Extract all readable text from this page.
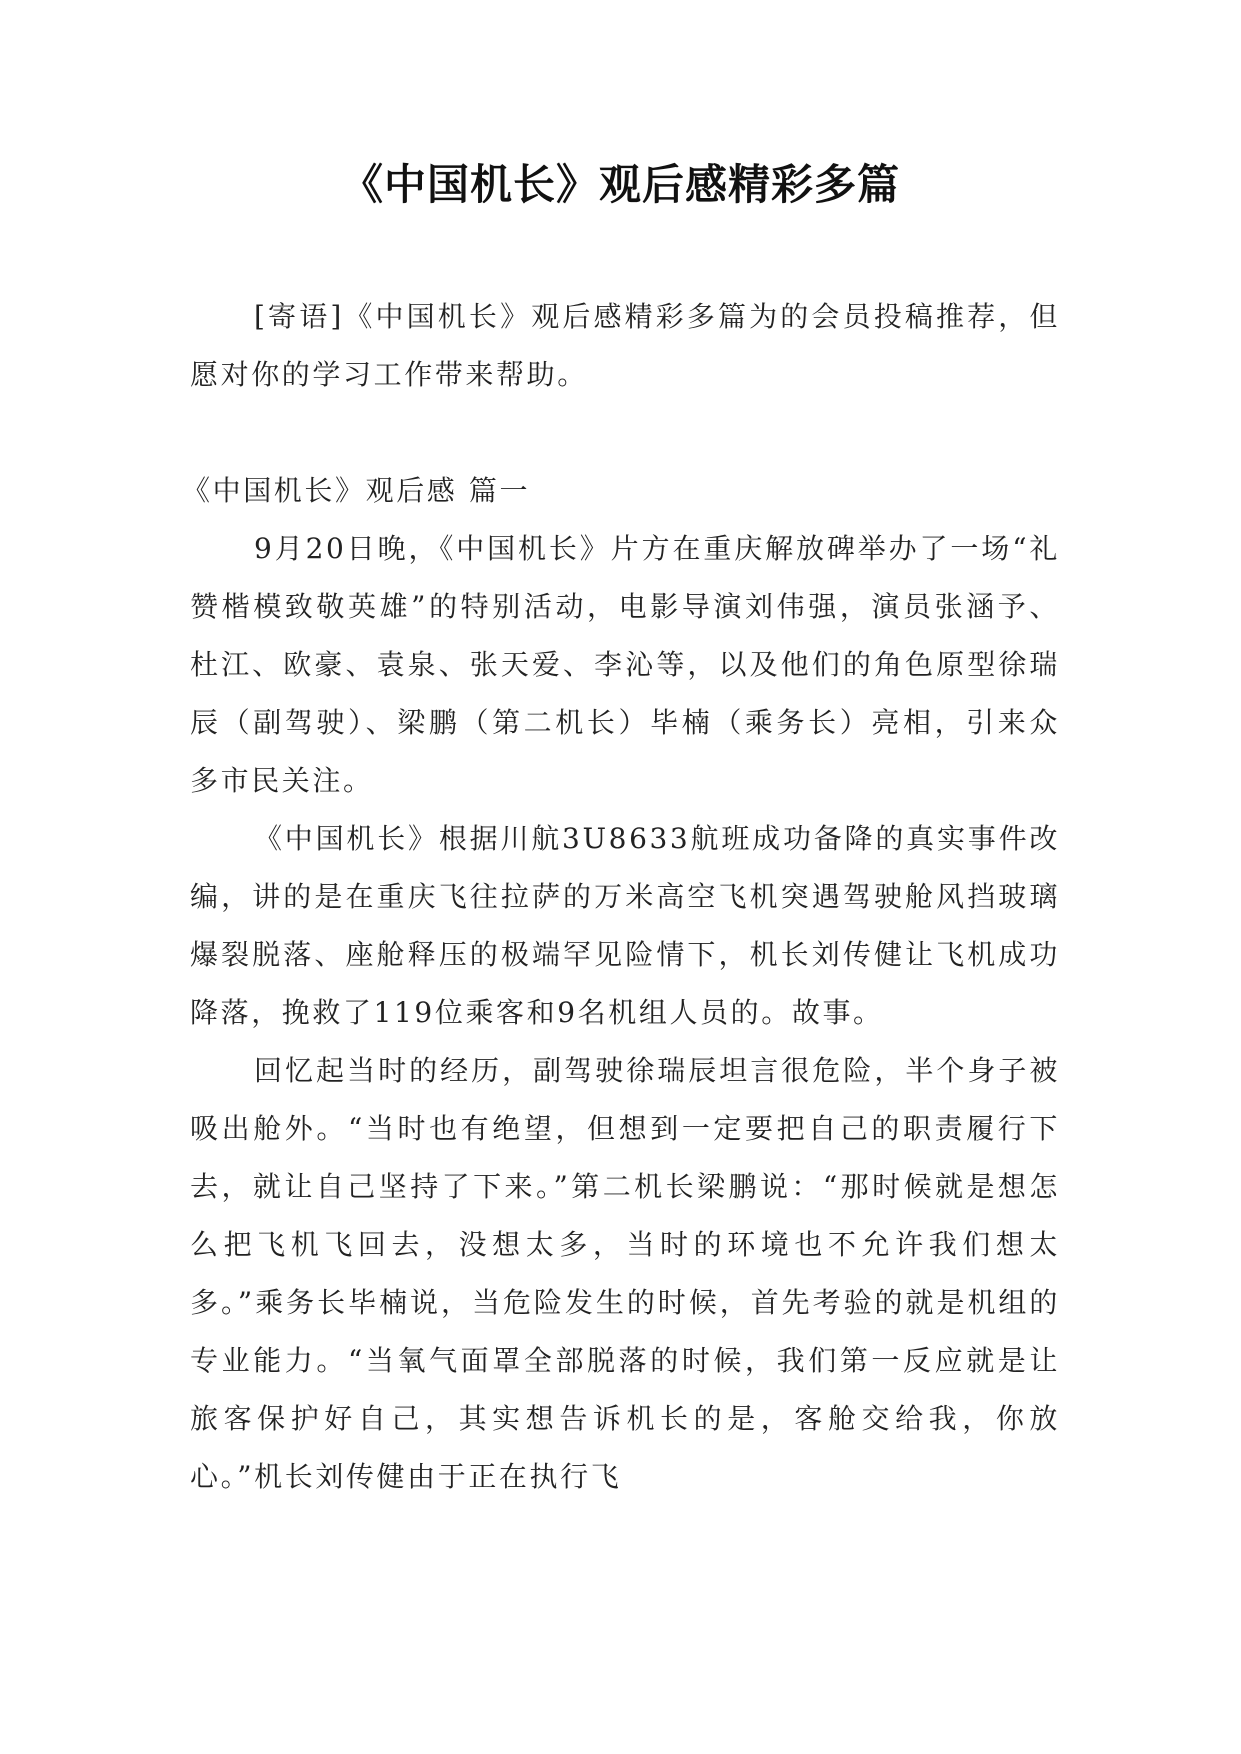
《中国机长》观后感精彩多篇

[寄语]《中国机长》观后感精彩多篇为的会员投稿推荐，但愿对你的学习工作带来帮助。

《中国机长》观后感 篇一

9月20日晚，《中国机长》片方在重庆解放碑举办了一场“礼赞楷模致敬英雄”的特别活动，电影导演刘伟强，演员张涵予、杜江、欧豪、袁泉、张天爱、李沁等，以及他们的角色原型徐瑞辰（副驾驶）、梁鹏（第二机长）毕楠（乘务长）亮相，引来众多市民关注。

《中国机长》根据川航3U8633航班成功备降的真实事件改编，讲的是在重庆飞往拉萨的万米高空飞机突遇驾驶舱风挡玻璃爆裂脱落、座舱释压的极端罕见险情下，机长刘传健让飞机成功降落，挽救了119位乘客和9名机组人员的。故事。

回忆起当时的经历，副驾驶徐瑞辰坦言很危险，半个身子被吸出舱外。“当时也有绝望，但想到一定要把自己的职责履行下去，就让自己坚持了下来。”第二机长梁鹏说：“那时候就是想怎么把飞机飞回去，没想太多，当时的环境也不允许我们想太多。”乘务长毕楠说，当危险发生的时候，首先考验的就是机组的专业能力。“当氧气面罩全部脱落的时候，我们第一反应就是让旅客保护好自己，其实想告诉机长的是，客舱交给我，你放心。”机长刘传健由于正在执行飞
